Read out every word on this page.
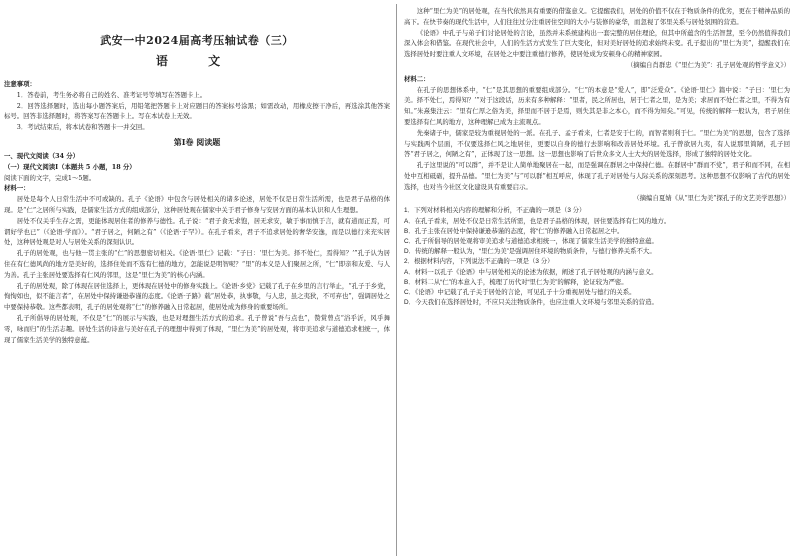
武安一中2024届高考压轴试卷（三）
语 文
注意事项：
1．答卷前，考生务必将自己的姓名、准考证号等填写在答题卡上。
2．回答选择题时，选出每小题答案后，用铅笔把答题卡上对应题目的答案标号涂黑；如需改动，用橡皮擦干净后，再选涂其他答案标号。回答非选择题时，将答案写在答题卡上。写在本试卷上无效。
3．考试结束后，将本试卷和答题卡一并交回。
第Ⅰ卷 阅读题
一、现代文阅读（34 分）
（一）现代文阅读Ⅰ（本题共 5 小题，18 分）
阅读下面的文字，完成1～5题。
材料一：
居处是每个人日常生活中不可或缺的。孔子《论语》中包含与居处相关的诸多论述，居处不仅是日常生活所需，也是君子品格的体现。是“仁”之居所与实践，是儒家生活方式的组成部分，这种居处观在儒家中关于君子修身与安居方面的基本认识和人生理想。
居处不仅关乎生存之需，更能体现居住者的修养与德性。孔子说：“君子食无求饱，居无求安，敏于事而慎于言，就有道而正焉，可谓好学也已”（《论语·学而》）。“君子居之，何陋之有”（《论语·子罕》）。在孔子看来，君子不追求居处的奢华安逸，而是以德行来充实居处，这种居处观是对人与居处关系的深刻认识。
孔子的居处观，也与他一贯主张的“仁”的思想密切相关。《论语·里仁》记载：“子曰：‘里仁为美。择不处仁，焉得知？’”孔子认为居住在有仁德风尚的地方是美好的，选择住处而不选有仁德的地方，怎能说是明智呢？“里”的本义是人们聚居之所，“仁”即亲和友爱、与人为善。孔子主张居处要选择有仁风的邻里，这是“里仁为美”的核心内涵。
孔子的居处观，除了体现在居住选择上，更体现在居处中的修身实践上。《论语·乡党》记载了孔子在乡里的言行举止，“孔子于乡党，恂恂如也，似不能言者”，在居处中保持谦逊恭谨的态度。《论语·子路》载“居处恭，执事敬，与人忠，虽之夷狄，不可弃也”，强调居处之中要保持恭敬。这些都表明，孔子的居处观将“仁”的修养融入日常起居，使居处成为修身的重要场所。
孔子所倡导的居处观，不仅是“仁”的展示与实践，也是对理想生活方式的追求。孔子曾说“吾与点也”，赞赏曾点“浴乎沂，风乎舞雩，咏而归”的生活志趣。居处生活的诗意与美好在孔子的理想中得到了体现，“里仁为美”的居处观，将审美追求与道德追求相统一，体现了儒家生活美学的独特意蕴。
这种“里仁为美”的居处观，在当代依然具有重要的借鉴意义。它提醒我们，居处的价值不仅在于物质条件的优劣，更在于精神品质的高下。在快节奏的现代生活中，人们往往过分注重居住空间的大小与装修的豪华，而忽视了邻里关系与居处氛围的营造。
《论语》中孔子与弟子们讨论居处的言论，虽然并未系统建构出一套完整的居住理论，但其中所蕴含的生活智慧，至今仍然值得我们深入体会和借鉴。在现代社会中，人们的生活方式发生了巨大变化，但对美好居处的追求始终未变。孔子提出的“里仁为美”，提醒我们在选择居处时要注重人文环境，在居处之中要注重德行修养，使居处成为安顿身心的精神家园。
（摘编自肖群忠《“里仁为美”：孔子居处观的哲学意义》）
材料二：
在孔子的思想体系中，“仁”是其思想的重要组成部分。“仁”的本意是“爱人”，即“泛爱众”。《论语·里仁》篇中说：“子曰：‘里仁为美。择不处仁，焉得知？’”对于这段话，历来有多种解释：“里者，民之所居也，居于仁者之里，是为美；求居而不处仁者之里，不得为有知。”朱熹集注云：“里有仁厚之俗为美，择里而不居于是焉，则失其是非之本心，而不得为知矣。”可见，传统的解释一般认为，君子居住要选择有仁风的地方，这种理解已成为主流观点。
先秦诸子中，儒家是较为重视居处的一派。在孔子、孟子看来，仁者是安于仁的，而智者则利于仁。“里仁为美”的思想，包含了选择与实践两个层面，不仅要选择仁风之地居住，更要以自身的德行去影响和改善居处环境。孔子曾欲居九夷，有人说那里简陋，孔子回答“君子居之，何陋之有”，正体现了这一思想。这一思想也影响了后世众多文人士大夫的居处选择，形成了独特的居处文化。
孔子这里说的“可以群”，并不是让人简单地聚居在一起，而是强调在群居之中保持仁德。在群居中“群而不党”，君子和而不同，在相处中互相砥砺，提升品德。“里仁为美”与“可以群”相互呼应，体现了孔子对居处与人际关系的深刻思考。这种思想不仅影响了古代的居处选择，也对当今社区文化建设具有重要启示。
（摘编自夏婧《从“里仁为美”探孔子的文艺美学思想》）
1．下列对材料相关内容的理解和分析，不正确的一项是（3 分）
A．在孔子看来，居处不仅是日常生活所需，也是君子品格的体现，居住要选择有仁风的地方。
B．孔子主张在居处中保持谦逊恭谨的态度，将“仁”的修养融入日常起居之中。
C．孔子所倡导的居处观将审美追求与道德追求相统一，体现了儒家生活美学的独特意蕴。
D．传统的解释一般认为，“里仁为美”是强调居住环境的物质条件，与德行修养关系不大。
2．根据材料内容，下列说法不正确的一项是（3 分）
A．材料一以孔子《论语》中与居处相关的论述为依据，阐述了孔子居处观的内涵与意义。
B．材料二从“仁”的本意入手，梳理了历代对“里仁为美”的解释，论证较为严密。
C．《论语》中记载了孔子关于居处的言论，可见孔子十分重视居处与德行的关系。
D．今天我们在选择居处时，不应只关注物质条件，也应注重人文环境与邻里关系的营造。
